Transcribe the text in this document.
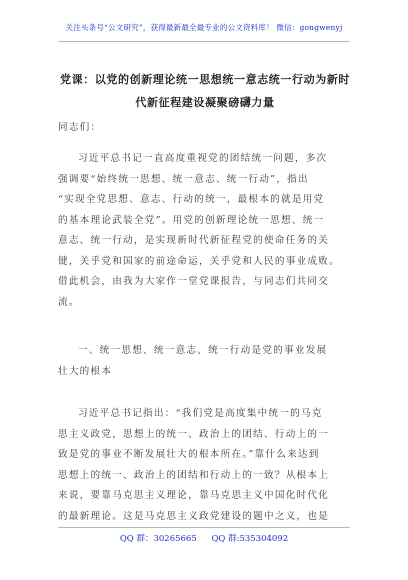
关注头条号“公文研究”，获得最新最全最专业的公文资料库！ 微信：gongwenyj
党课：以党的创新理论统一思想统一意志统一行动为新时
代新征程建设凝聚磅礴力量
同志们：
习近平总书记一直高度重视党的团结统一问题，多次
强调要“始终统一思想、统一意志、统一行动”，指出
“实现全党思想、意志、行动的统一，最根本的就是用党
的基本理论武装全党”。用党的创新理论统一思想、统一
意志、统一行动，是实现新时代新征程党的使命任务的关
键，关乎党和国家的前途命运，关乎党和人民的事业成败。
借此机会，由我为大家作一堂党课报告，与同志们共同交
流。
一、统一思想、统一意志、统一行动是党的事业发展
壮大的根本
习近平总书记指出：“我们党是高度集中统一的马克
思主义政党，思想上的统一、政治上的团结、行动上的一
致是党的事业不断发展壮大的根本所在。”靠什么来达到
思想上的统一、政治上的团结和行动上的一致？从根本上
来说，要靠马克思主义理论，靠马克思主义中国化时代化
的最新理论。这是马克思主义政党建设的题中之义，也是
QQ 群：30265665 QQ 群:535304092
